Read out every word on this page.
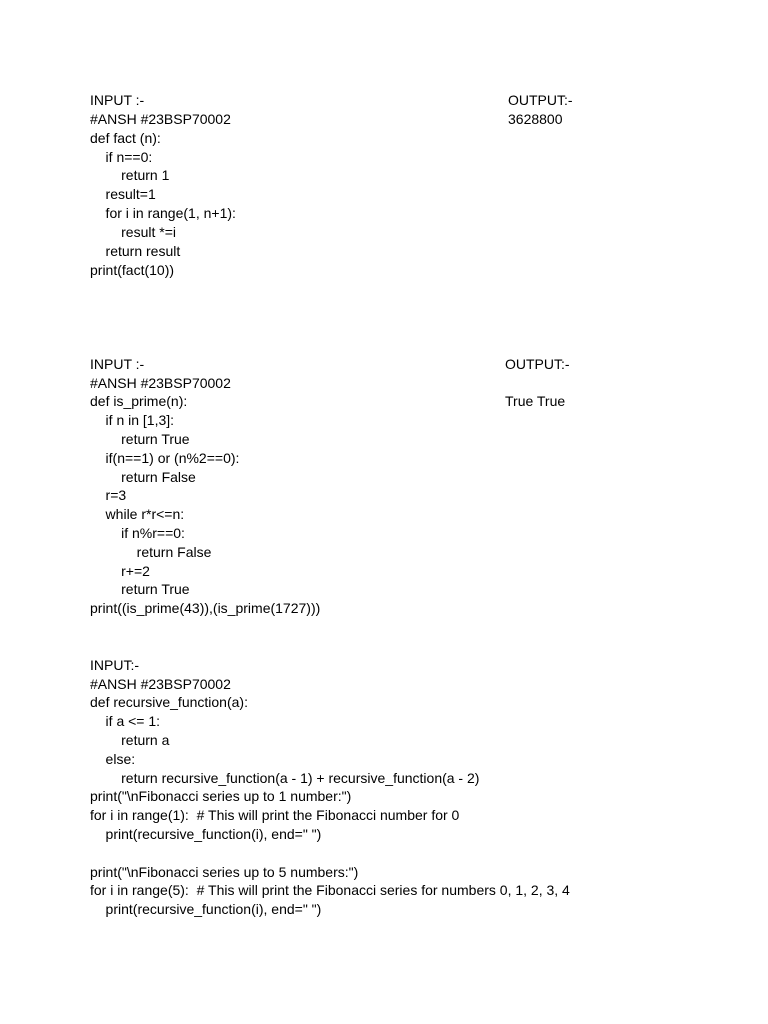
INPUT :-	OUTPUT:-
3628800
#ANSH #23BSP70002
def fact (n):
if n==0:
return 1
result=1
for i in range(1, n+1):
result *=i
return result
print(fact(10))
INPUT :-	OUTPUT:-
True True
#ANSH #23BSP70002
def is_prime(n):
if n in [1,3]:
return True
if(n==1) or (n%2==0):
return False
r=3
while r*r<=n:
if n%r==0:
return False
r+=2
return True
print((is_prime(43)),(is_prime(1727)))
INPUT:-
#ANSH #23BSP70002
def recursive_function(a):
if a <= 1:
return a
else:
return recursive_function(a - 1) + recursive_function(a - 2)
print("\nFibonacci series up to 1 number:")
for i in range(1):  # This will print the Fibonacci number for 0
print(recursive_function(i), end=" ")
print("\nFibonacci series up to 5 numbers:")
for i in range(5):  # This will print the Fibonacci series for numbers 0, 1, 2, 3, 4
print(recursive_function(i), end=" ")
